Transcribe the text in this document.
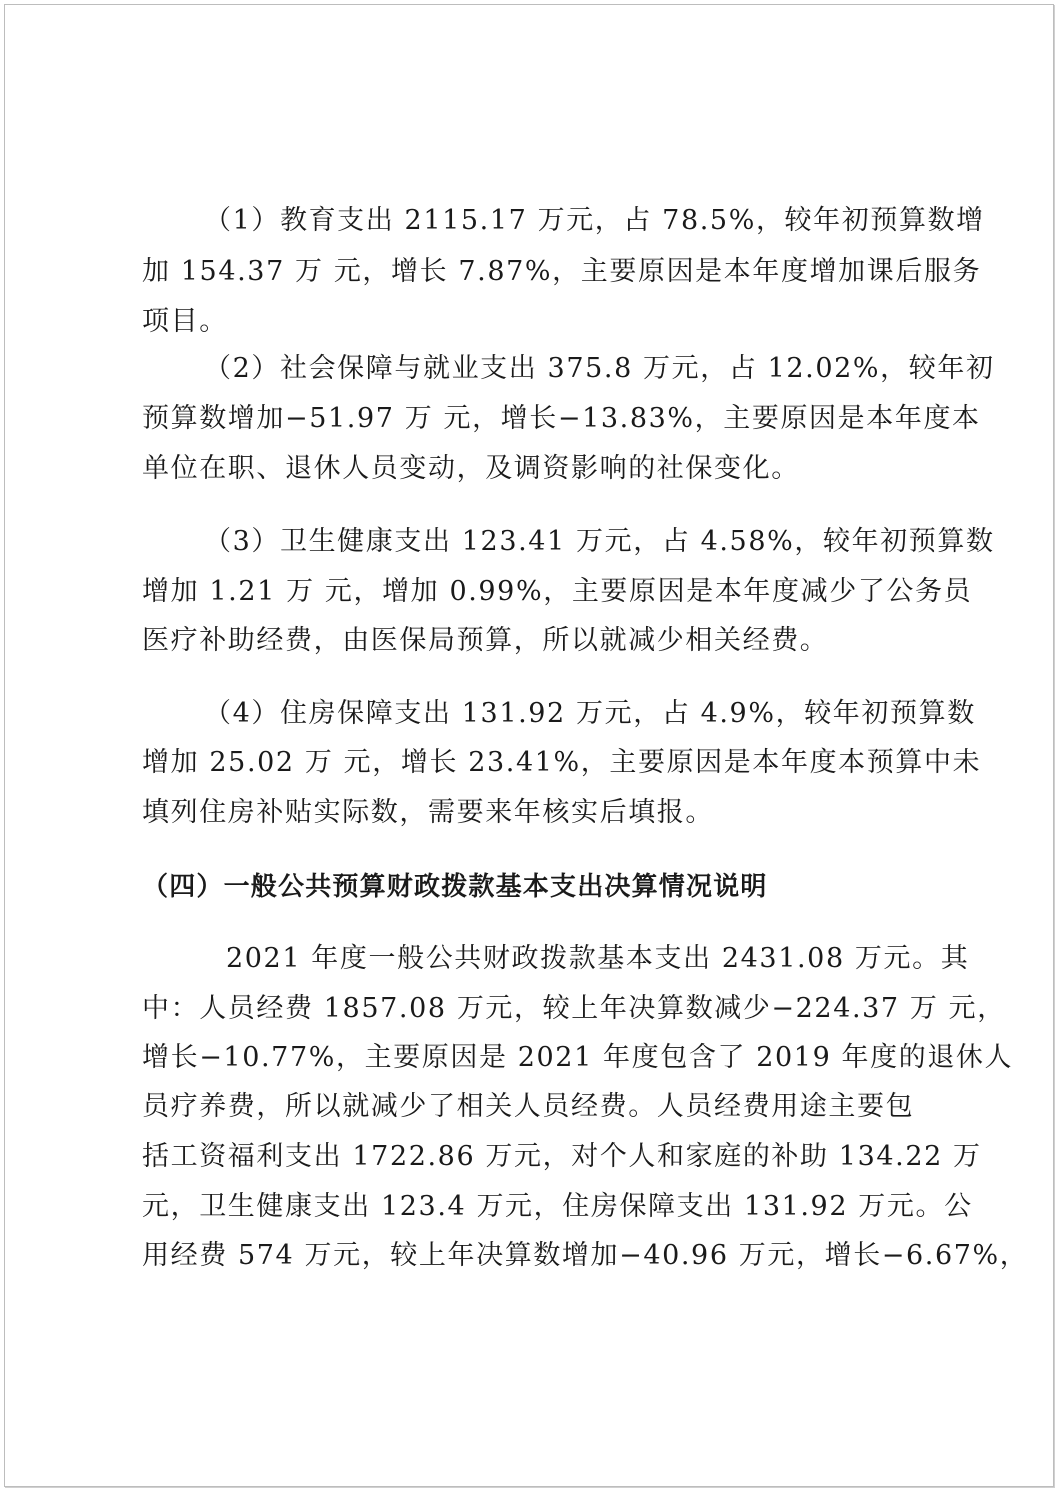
（1）教育支出 2115.17 万元，占 78.5%，较年初预算数增
加 154.37 万 元，增长 7.87%，主要原因是本年度增加课后服务
项目。
（2）社会保障与就业支出 375.8 万元，占 12.02%，较年初
预算数增加−51.97 万 元，增长−13.83%，主要原因是本年度本
单位在职、退休人员变动，及调资影响的社保变化。
（3）卫生健康支出 123.41 万元，占 4.58%，较年初预算数
增加 1.21 万 元，增加 0.99%，主要原因是本年度减少了公务员
医疗补助经费，由医保局预算，所以就减少相关经费。
（4）住房保障支出 131.92 万元，占 4.9%，较年初预算数
增加 25.02 万 元，增长 23.41%，主要原因是本年度本预算中未
填列住房补贴实际数，需要来年核实后填报。
（四）一般公共预算财政拨款基本支出决算情况说明
2021 年度一般公共财政拨款基本支出 2431.08 万元。其
中：人员经费 1857.08 万元，较上年决算数减少−224.37 万 元，
增长−10.77%，主要原因是 2021 年度包含了 2019 年度的退休人
员疗养费，所以就减少了相关人员经费。人员经费用途主要包
括工资福利支出 1722.86 万元，对个人和家庭的补助 134.22 万
元，卫生健康支出 123.4 万元，住房保障支出 131.92 万元。公
用经费 574 万元，较上年决算数增加−40.96 万元，增长−6.67%，
